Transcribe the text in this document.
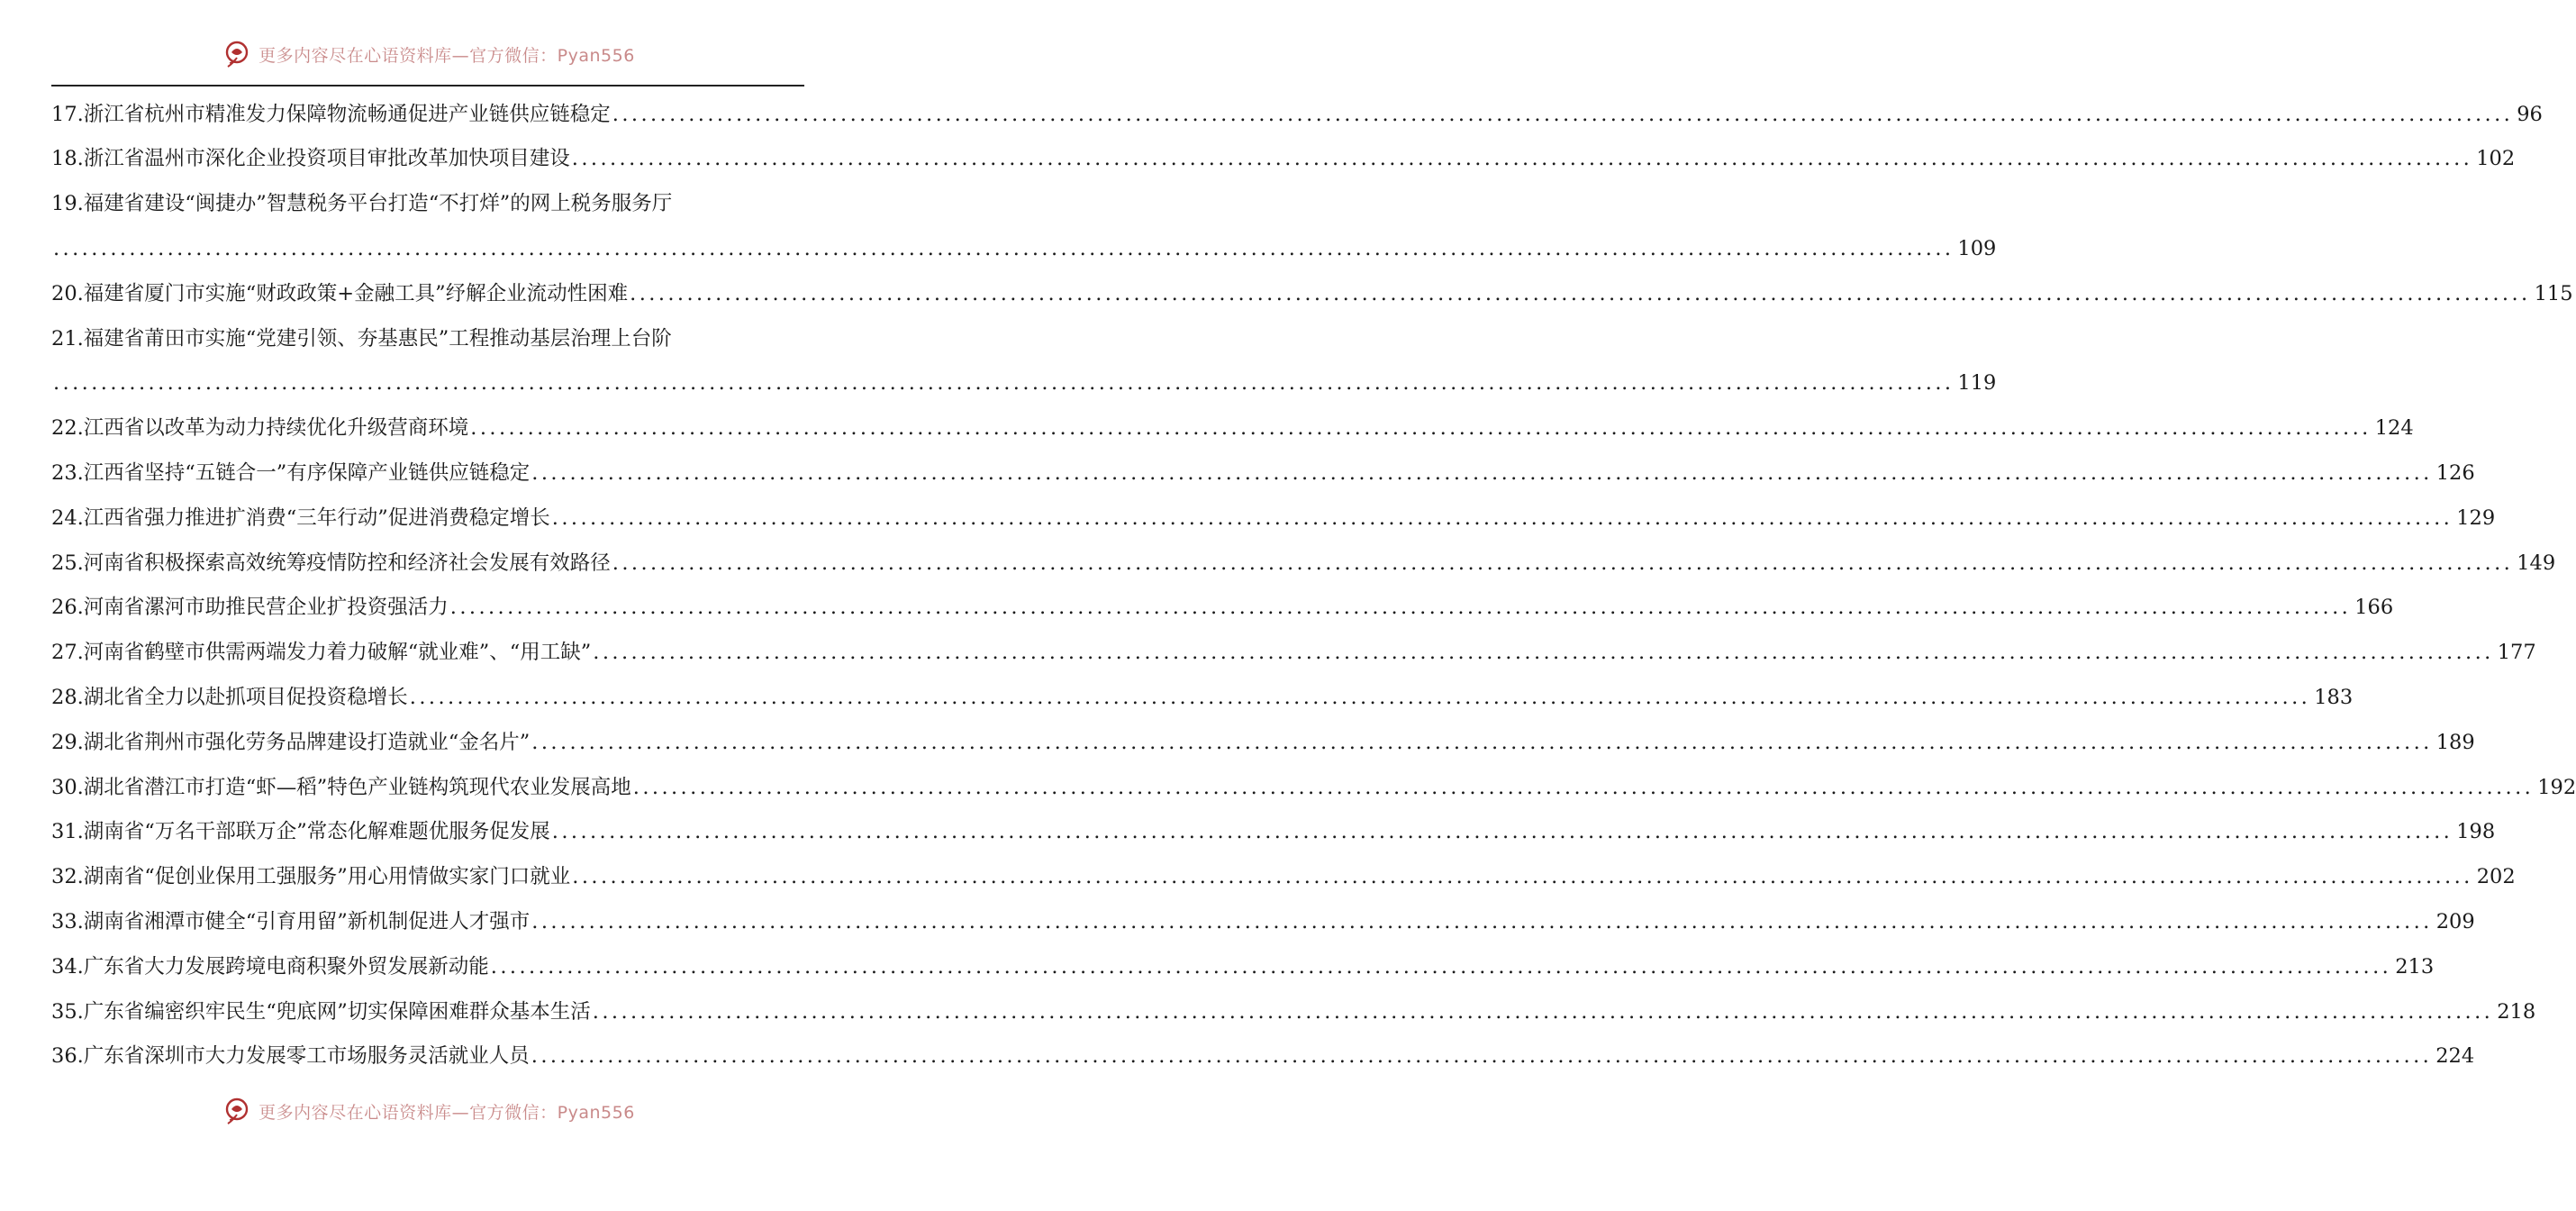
更多内容尽在心语资料库—官方微信：Pyan556
17.浙江省杭州市精准发力保障物流畅通促进产业链供应链稳定 ........................................................................................................................................................................................................ 96
18.浙江省温州市深化企业投资项目审批改革加快项目建设 ........................................................................................................................................................................................................ 102
19.福建省建设“闽捷办”智慧税务平台打造“不打烊”的网上税务服务厅
........................................................................................................................................................................................................ 109
20.福建省厦门市实施“财政政策+金融工具”纾解企业流动性困难 ........................................................................................................................................................................................................ 115
21.福建省莆田市实施“党建引领、夯基惠民”工程推动基层治理上台阶
........................................................................................................................................................................................................ 119
22.江西省以改革为动力持续优化升级营商环境 ........................................................................................................................................................................................................ 124
23.江西省坚持“五链合一”有序保障产业链供应链稳定 ........................................................................................................................................................................................................ 126
24.江西省强力推进扩消费“三年行动”促进消费稳定增长 ........................................................................................................................................................................................................ 129
25.河南省积极探索高效统筹疫情防控和经济社会发展有效路径 ........................................................................................................................................................................................................ 149
26.河南省漯河市助推民营企业扩投资强活力 ........................................................................................................................................................................................................ 166
27.河南省鹤壁市供需两端发力着力破解“就业难”、“用工缺” ........................................................................................................................................................................................................ 177
28.湖北省全力以赴抓项目促投资稳增长 ........................................................................................................................................................................................................ 183
29.湖北省荆州市强化劳务品牌建设打造就业“金名片” ........................................................................................................................................................................................................ 189
30.湖北省潜江市打造“虾—稻”特色产业链构筑现代农业发展高地 ........................................................................................................................................................................................................ 192
31.湖南省“万名干部联万企”常态化解难题优服务促发展 ........................................................................................................................................................................................................ 198
32.湖南省“促创业保用工强服务”用心用情做实家门口就业 ........................................................................................................................................................................................................ 202
33.湖南省湘潭市健全“引育用留”新机制促进人才强市 ........................................................................................................................................................................................................ 209
34.广东省大力发展跨境电商积聚外贸发展新动能 ........................................................................................................................................................................................................ 213
35.广东省编密织牢民生“兜底网”切实保障困难群众基本生活 ........................................................................................................................................................................................................ 218
36.广东省深圳市大力发展零工市场服务灵活就业人员 ........................................................................................................................................................................................................ 224
更多内容尽在心语资料库—官方微信：Pyan556
